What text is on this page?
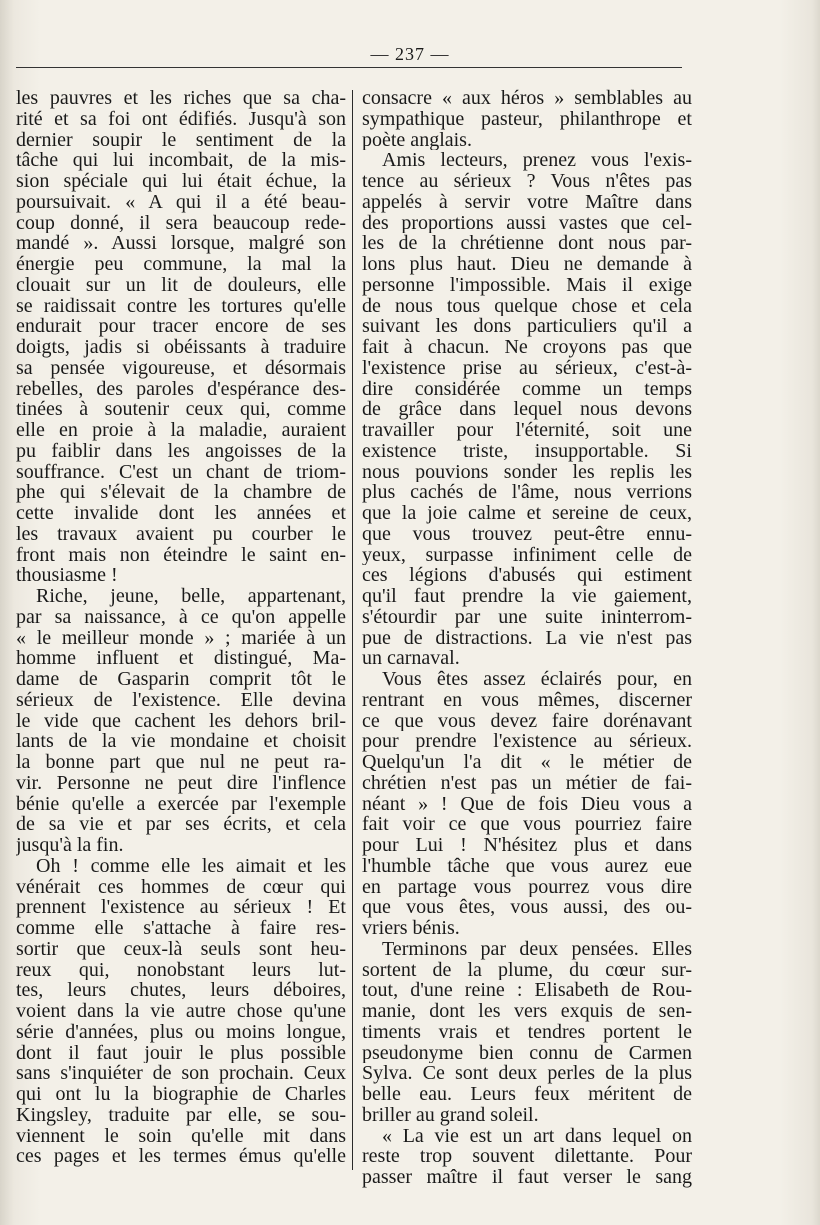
— 237 —
les pauvres et les riches que sa cha-
rité et sa foi ont édifiés. Jusqu'à son
dernier soupir le sentiment de la
tâche qui lui incombait, de la mis-
sion spéciale qui lui était échue, la
poursuivait. « A qui il a été beau-
coup donné, il sera beaucoup rede-
mandé ». Aussi lorsque, malgré son
énergie peu commune, la mal la
clouait sur un lit de douleurs, elle
se raidissait contre les tortures qu'elle
endurait pour tracer encore de ses
doigts, jadis si obéissants à traduire
sa pensée vigoureuse, et désormais
rebelles, des paroles d'espérance des-
tinées à soutenir ceux qui, comme
elle en proie à la maladie, auraient
pu faiblir dans les angoisses de la
souffrance. C'est un chant de triom-
phe qui s'élevait de la chambre de
cette invalide dont les années et
les travaux avaient pu courber le
front mais non éteindre le saint en-
thousiasme !
Riche, jeune, belle, appartenant,
par sa naissance, à ce qu'on appelle
« le meilleur monde » ; mariée à un
homme influent et distingué, Ma-
dame de Gasparin comprit tôt le
sérieux de l'existence. Elle devina
le vide que cachent les dehors bril-
lants de la vie mondaine et choisit
la bonne part que nul ne peut ra-
vir. Personne ne peut dire l'inflence
bénie qu'elle a exercée par l'exemple
de sa vie et par ses écrits, et cela
jusqu'à la fin.
Oh ! comme elle les aimait et les
vénérait ces hommes de cœur qui
prennent l'existence au sérieux ! Et
comme elle s'attache à faire res-
sortir que ceux-là seuls sont heu-
reux qui, nonobstant leurs lut-
tes, leurs chutes, leurs déboires,
voient dans la vie autre chose qu'une
série d'années, plus ou moins longue,
dont il faut jouir le plus possible
sans s'inquiéter de son prochain. Ceux
qui ont lu la biographie de Charles
Kingsley, traduite par elle, se sou-
viennent le soin qu'elle mit dans
ces pages et les termes émus qu'elle
consacre « aux héros » semblables au
sympathique pasteur, philanthrope et
poète anglais.
Amis lecteurs, prenez vous l'exis-
tence au sérieux ? Vous n'êtes pas
appelés à servir votre Maître dans
des proportions aussi vastes que cel-
les de la chrétienne dont nous par-
lons plus haut. Dieu ne demande à
personne l'impossible. Mais il exige
de nous tous quelque chose et cela
suivant les dons particuliers qu'il a
fait à chacun. Ne croyons pas que
l'existence prise au sérieux, c'est-à-
dire considérée comme un temps
de grâce dans lequel nous devons
travailler pour l'éternité, soit une
existence triste, insupportable. Si
nous pouvions sonder les replis les
plus cachés de l'âme, nous verrions
que la joie calme et sereine de ceux,
que vous trouvez peut-être ennu-
yeux, surpasse infiniment celle de
ces légions d'abusés qui estiment
qu'il faut prendre la vie gaiement,
s'étourdir par une suite ininterrom-
pue de distractions. La vie n'est pas
un carnaval.
Vous êtes assez éclairés pour, en
rentrant en vous mêmes, discerner
ce que vous devez faire dorénavant
pour prendre l'existence au sérieux.
Quelqu'un l'a dit « le métier de
chrétien n'est pas un métier de fai-
néant » ! Que de fois Dieu vous a
fait voir ce que vous pourriez faire
pour Lui ! N'hésitez plus et dans
l'humble tâche que vous aurez eue
en partage vous pourrez vous dire
que vous êtes, vous aussi, des ou-
vriers bénis.
Terminons par deux pensées. Elles
sortent de la plume, du cœur sur-
tout, d'une reine : Elisabeth de Rou-
manie, dont les vers exquis de sen-
timents vrais et tendres portent le
pseudonyme bien connu de Carmen
Sylva. Ce sont deux perles de la plus
belle eau. Leurs feux méritent de
briller au grand soleil.
« La vie est un art dans lequel on
reste trop souvent dilettante. Pour
passer maître il faut verser le sang
